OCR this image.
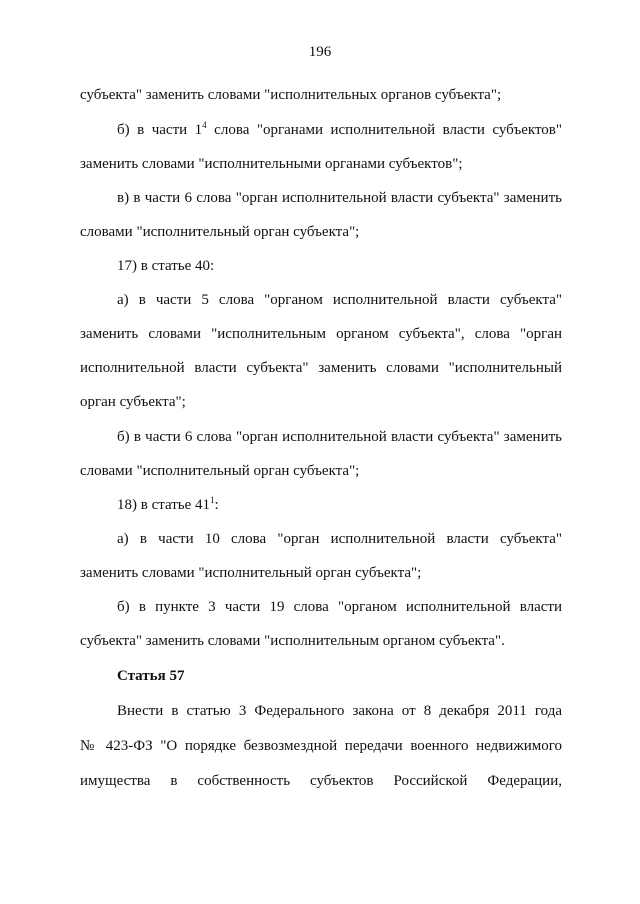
196
субъекта" заменить словами "исполнительных органов субъекта";
б) в части $1^4$ слова "органами исполнительной власти субъектов"
заменить словами "исполнительными органами субъектов";
в) в части 6 слова "орган исполнительной власти субъекта" заменить
словами "исполнительный орган субъекта";
17) в статье 40:
а) в части 5 слова "органом исполнительной власти субъекта"
заменить словами "исполнительным органом субъекта", слова "орган
исполнительной власти субъекта" заменить словами "исполнительный
орган субъекта";
б) в части 6 слова "орган исполнительной власти субъекта" заменить
словами "исполнительный орган субъекта";
18) в статье $41^1$:
а) в части 10 слова "орган исполнительной власти субъекта"
заменить словами "исполнительный орган субъекта";
б) в пункте 3 части 19 слова "органом исполнительной власти
субъекта" заменить словами "исполнительным органом субъекта".
Статья 57
Внести в статью 3 Федерального закона от 8 декабря 2011 года
№ 423-ФЗ "О порядке безвозмездной передачи военного недвижимого
имущества в собственность субъектов Российской Федерации,
